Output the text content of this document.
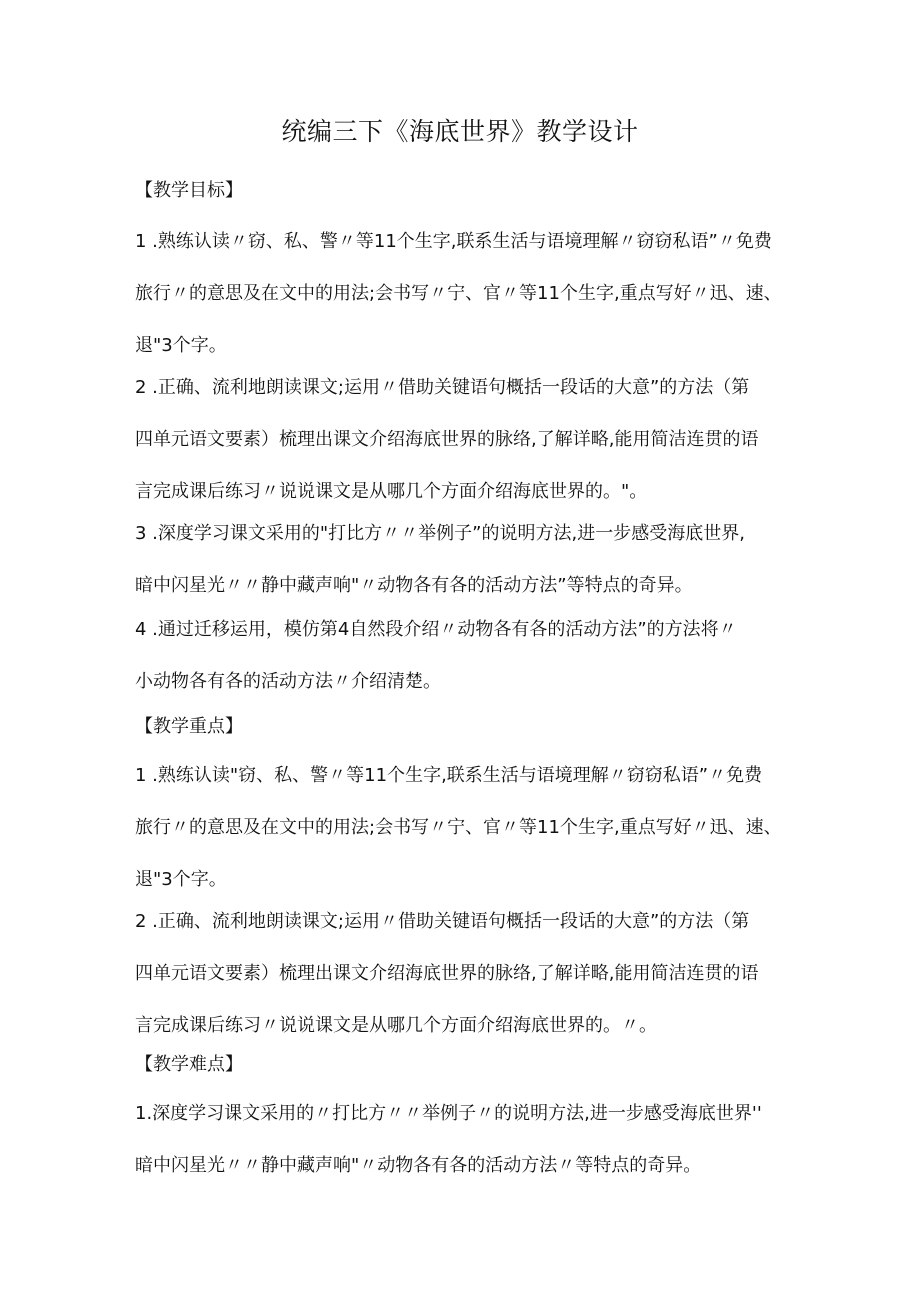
统编三下《海底世界》教学设计
【教学目标】
1 .熟练认读〃窃、私、警〃等11个生字,联系生活与语境理解〃窃窃私语”〃免费
旅行〃的意思及在文中的用法;会书写〃宁、官〃等11个生字,重点写好〃迅、速、
退"3个字。
2 .正确、流利地朗读课文;运用〃借助关键语句概括一段话的大意”的方法（第
四单元语文要素）梳理出课文介绍海底世界的脉络,了解详略,能用简洁连贯的语
言完成课后练习〃说说课文是从哪几个方面介绍海底世界的。"。
3 .深度学习课文采用的"打比方〃〃举例子”的说明方法,进一步感受海底世界,
暗中闪星光〃〃静中藏声响"〃动物各有各的活动方法”等特点的奇异。
4 .通过迁移运用，模仿第4自然段介绍〃动物各有各的活动方法”的方法将〃
小动物各有各的活动方法〃介绍清楚。
【教学重点】
1 .熟练认读"窃、私、警〃等11个生字,联系生活与语境理解〃窃窃私语”〃免费
旅行〃的意思及在文中的用法;会书写〃宁、官〃等11个生字,重点写好〃迅、速、
退"3个字。
2 .正确、流利地朗读课文;运用〃借助关键语句概括一段话的大意”的方法（第
四单元语文要素）梳理出课文介绍海底世界的脉络,了解详略,能用简洁连贯的语
言完成课后练习〃说说课文是从哪几个方面介绍海底世界的。〃。
【教学难点】
1.深度学习课文采用的〃打比方〃〃举例子〃的说明方法,进一步感受海底世界''
暗中闪星光〃〃静中藏声响"〃动物各有各的活动方法〃等特点的奇异。
